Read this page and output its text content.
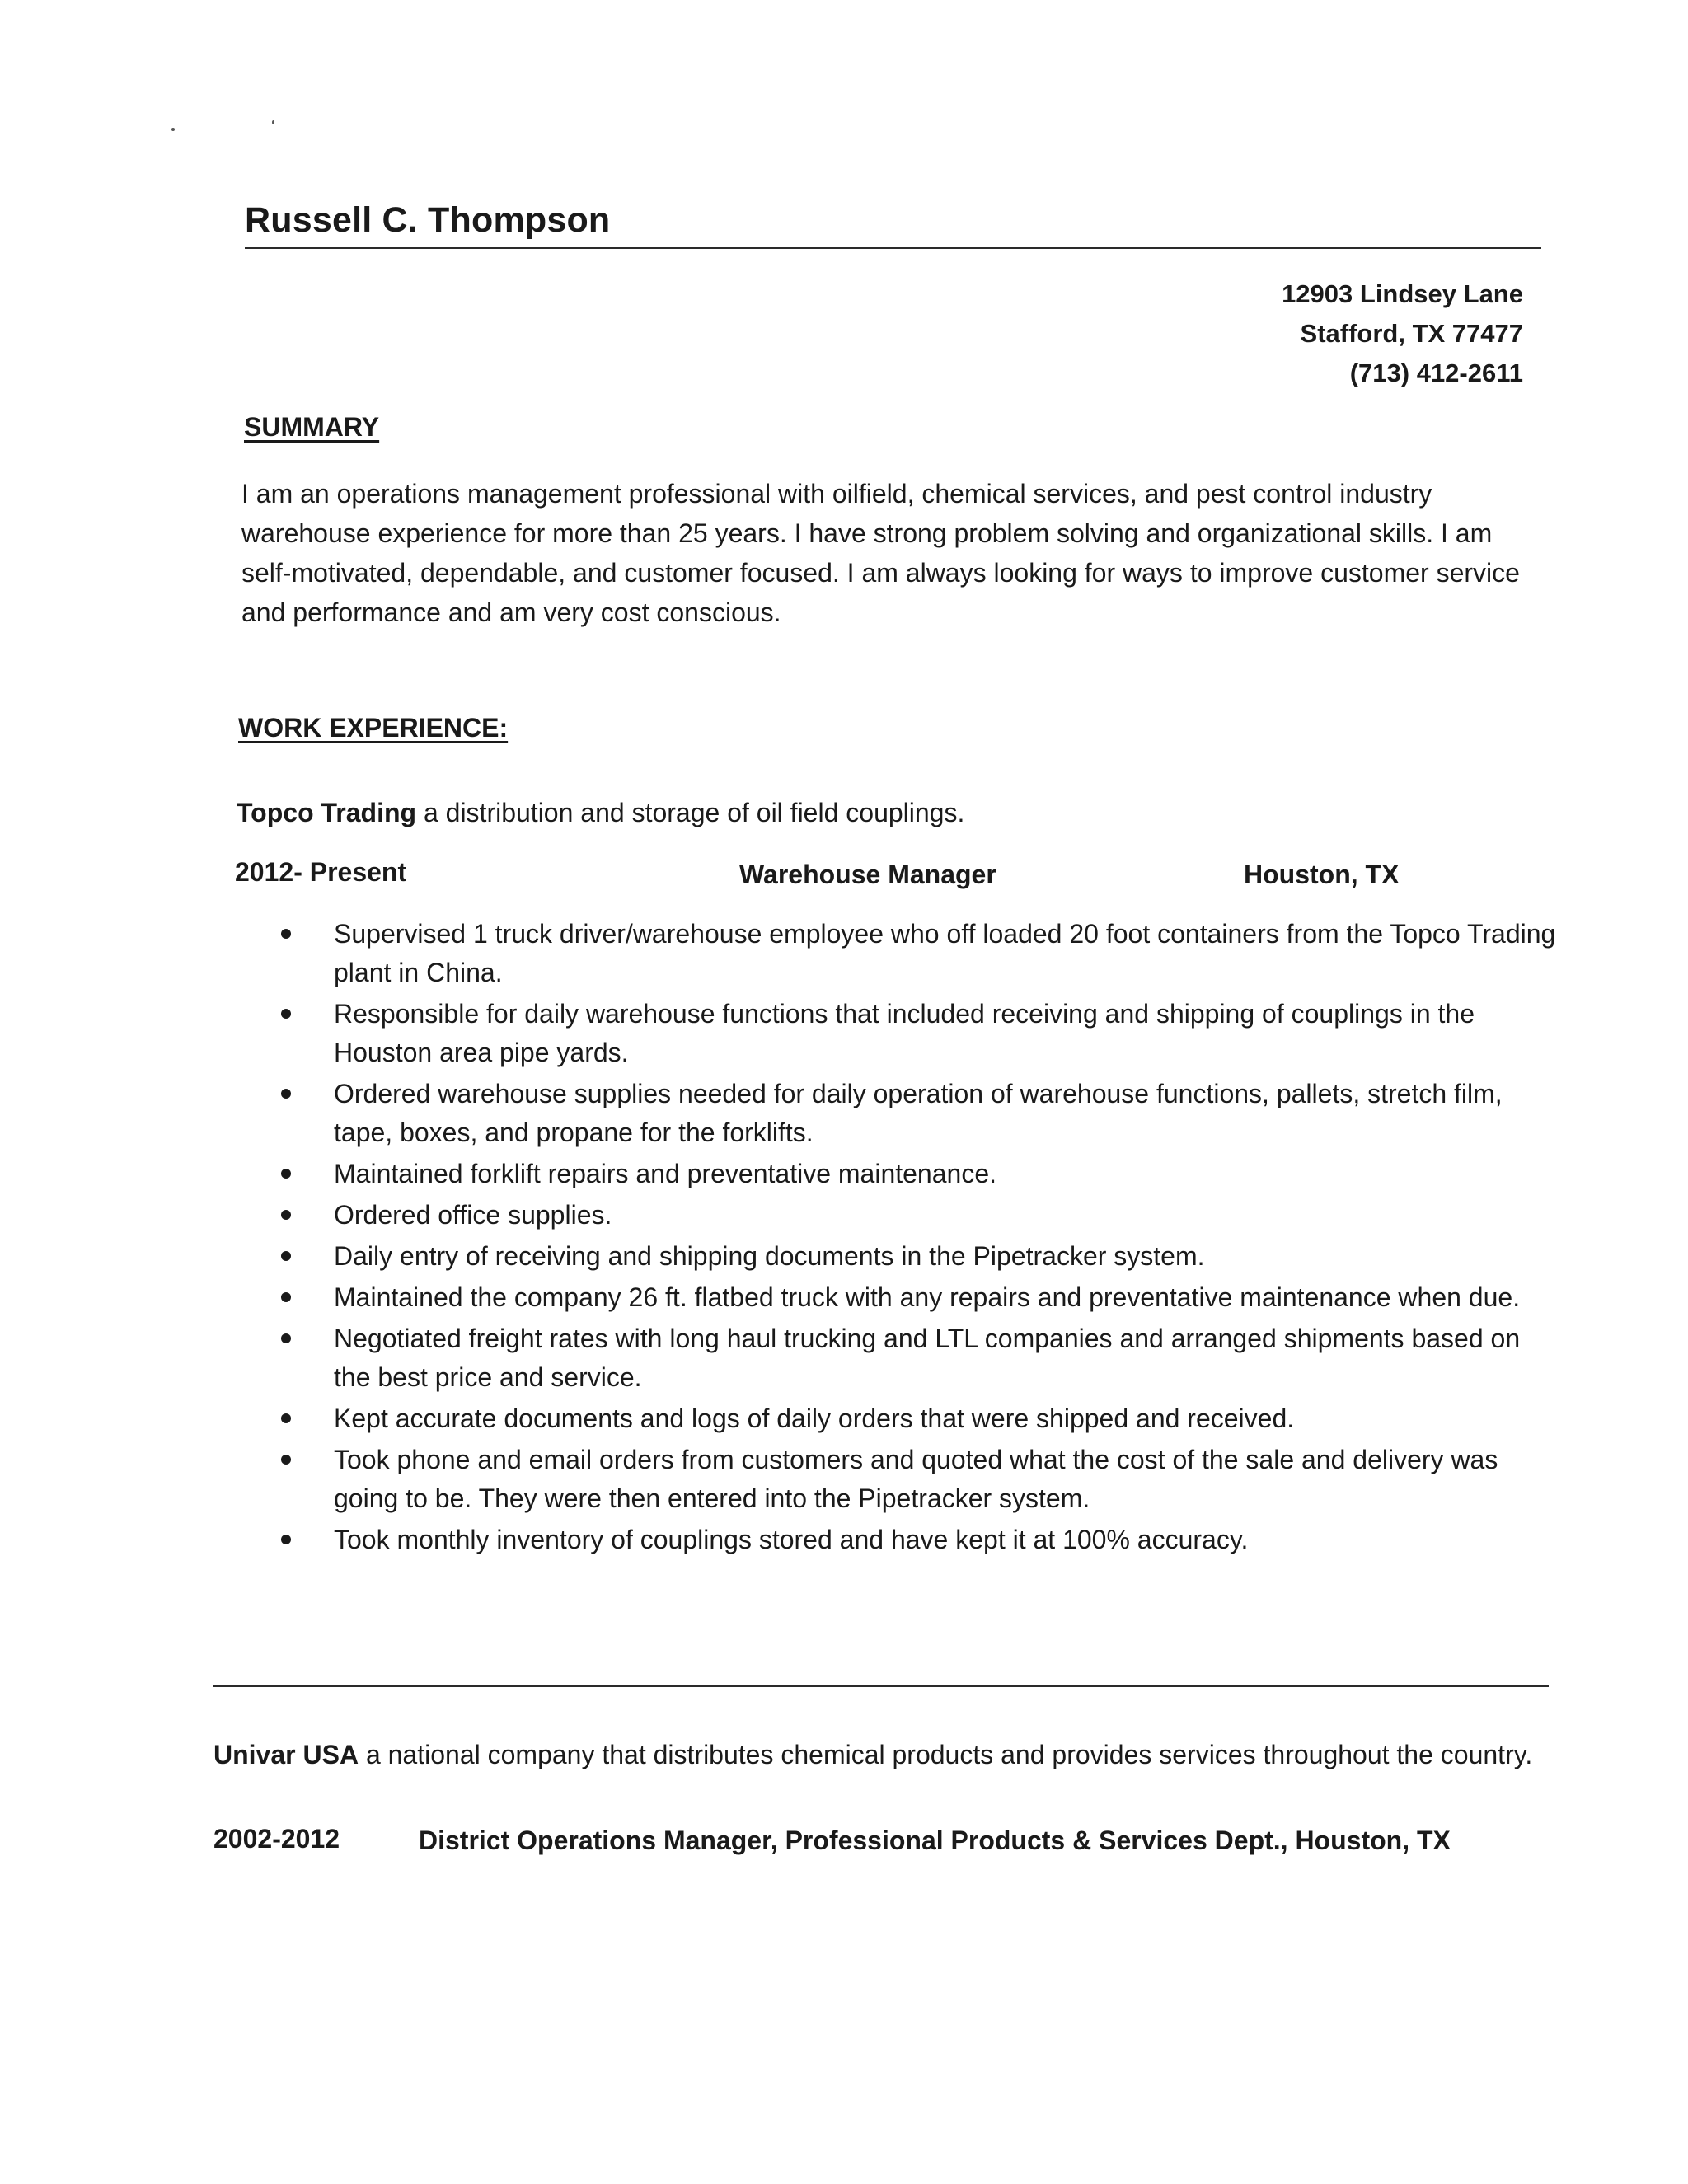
Russell C. Thompson
12903 Lindsey Lane
Stafford, TX 77477
(713) 412-2611
SUMMARY
I am an operations management professional with oilfield, chemical services, and pest control industry warehouse experience for more than 25 years. I have strong problem solving and organizational skills. I am self-motivated, dependable, and customer focused. I am always looking for ways to improve customer service and performance and am very cost conscious.
WORK EXPERIENCE:
Topco Trading a distribution and storage of oil field couplings.
2012- Present	Warehouse Manager	Houston, TX
Supervised 1 truck driver/warehouse employee who off loaded 20 foot containers from the Topco Trading plant in China.
Responsible for daily warehouse functions that included receiving and shipping of couplings in the Houston area pipe yards.
Ordered warehouse supplies needed for daily operation of warehouse functions, pallets, stretch film, tape, boxes, and propane for the forklifts.
Maintained forklift repairs and preventative maintenance.
Ordered office supplies.
Daily entry of receiving and shipping documents in the Pipetracker system.
Maintained the company 26 ft. flatbed truck with any repairs and preventative maintenance when due.
Negotiated freight rates with long haul trucking and LTL companies and arranged shipments based on the best price and service.
Kept accurate documents and logs of daily orders that were shipped and received.
Took phone and email orders from customers and quoted what the cost of the sale and delivery was going to be. They were then entered into the Pipetracker system.
Took monthly inventory of couplings stored and have kept it at 100% accuracy.
Univar USA a national company that distributes chemical products and provides services throughout the country.
2002-2012	District Operations Manager, Professional Products & Services Dept., Houston, TX
